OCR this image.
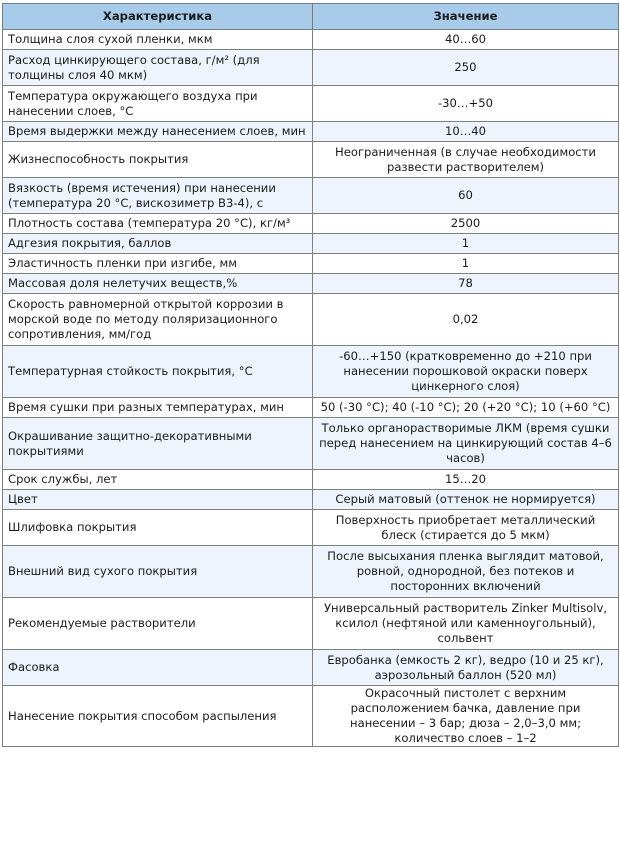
Характеристика	Значение
Толщина слоя сухой пленки, мкм	40…60
Расход цинкирующего состава, г/м² (для толщины слоя 40 мкм)	250
Температура окружающего воздуха при нанесении слоев, °С	-30…+50
Время выдержки между нанесением слоев, мин	10…40
Жизнеспособность покрытия	Неограниченная (в случае необходимости развести растворителем)
Вязкость (время истечения) при нанесении (температура 20 °С, вискозиметр В3-4), с	60
Плотность состава (температура 20 °С), кг/м³	2500
Адгезия покрытия, баллов	1
Эластичность пленки при изгибе, мм	1
Массовая доля нелетучих веществ,%	78
Скорость равномерной открытой коррозии в морской воде по методу поляризационного сопротивления, мм/год	0,02
Температурная стойкость покрытия, °С	-60…+150 (кратковременно до +210 при нанесении порошковой окраски поверх цинкерного слоя)
Время сушки при разных температурах, мин	50 (-30 °С); 40 (-10 °С); 20 (+20 °С); 10 (+60 °С)
Окрашивание защитно-декоративными покрытиями	Только органорастворимые ЛКМ (время сушки перед нанесением на цинкирующий состав 4–6 часов)
Срок службы, лет	15…20
Цвет	Серый матовый (оттенок не нормируется)
Шлифовка покрытия	Поверхность приобретает металлический блеск (стирается до 5 мкм)
Внешний вид сухого покрытия	После высыхания пленка выглядит матовой, ровной, однородной, без потеков и посторонних включений
Рекомендуемые растворители	Универсальный растворитель Zinker Multisolv, ксилол (нефтяной или каменноугольный), сольвент
Фасовка	Евробанка (емкость 2 кг), ведро (10 и 25 кг), аэрозольный баллон (520 мл)
Нанесение покрытия способом распыления	Окрасочный пистолет с верхним расположением бачка, давление при нанесении – 3 бар; дюза – 2,0–3,0 мм; количество слоев – 1–2
